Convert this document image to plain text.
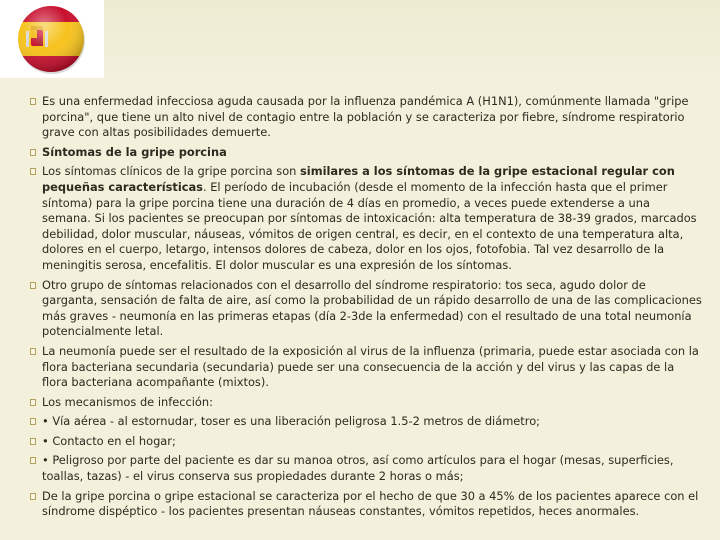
Es una enfermedad infecciosa aguda causada por la influenza pandémica A (H1N1), comúnmente llamada "gripe porcina", que tiene un alto nivel de contagio entre la población y se caracteriza por fiebre, síndrome respiratorio grave con altas posibilidades demuerte.
Síntomas de la gripe porcina
Los síntomas clínicos de la gripe porcina son similares a los síntomas de la gripe estacional regular con pequeñas características. El período de incubación (desde el momento de la infección hasta que el primer síntoma) para la gripe porcina tiene una duración de 4 días en promedio, a veces puede extenderse a una semana. Si los pacientes se preocupan por síntomas de intoxicación: alta temperatura de 38-39 grados, marcados debilidad, dolor muscular, náuseas, vómitos de origen central, es decir, en el contexto de una temperatura alta, dolores en el cuerpo, letargo, intensos dolores de cabeza, dolor en los ojos, fotofobia. Tal vez desarrollo de la meningitis serosa, encefalitis. El dolor muscular es una expresión de los síntomas.
Otro grupo de síntomas relacionados con el desarrollo del síndrome respiratorio: tos seca, agudo dolor de garganta, sensación de falta de aire, así como la probabilidad de un rápido desarrollo de una de las complicaciones más graves - neumonía en las primeras etapas (día 2-3de la enfermedad) con el resultado de una total neumonía potencialmente letal.
La neumonía puede ser el resultado de la exposición al virus de la influenza (primaria, puede estar asociada con la flora bacteriana secundaria (secundaria) puede ser una consecuencia de la acción y del virus y las capas de la flora bacteriana acompañante (mixtos).
Los mecanismos de infección:
• Vía aérea - al estornudar, toser es una liberación peligrosa 1.5-2 metros de diámetro;
• Contacto en el hogar;
• Peligroso por parte del paciente es dar su manoa otros, así como artículos para el hogar (mesas, superficies, toallas, tazas) - el virus conserva sus propiedades durante 2 horas o más;
De la gripe porcina o gripe estacional se caracteriza por el hecho de que 30 a 45% de los pacientes aparece con el síndrome dispéptico - los pacientes presentan náuseas constantes, vómitos repetidos, heces anormales.
